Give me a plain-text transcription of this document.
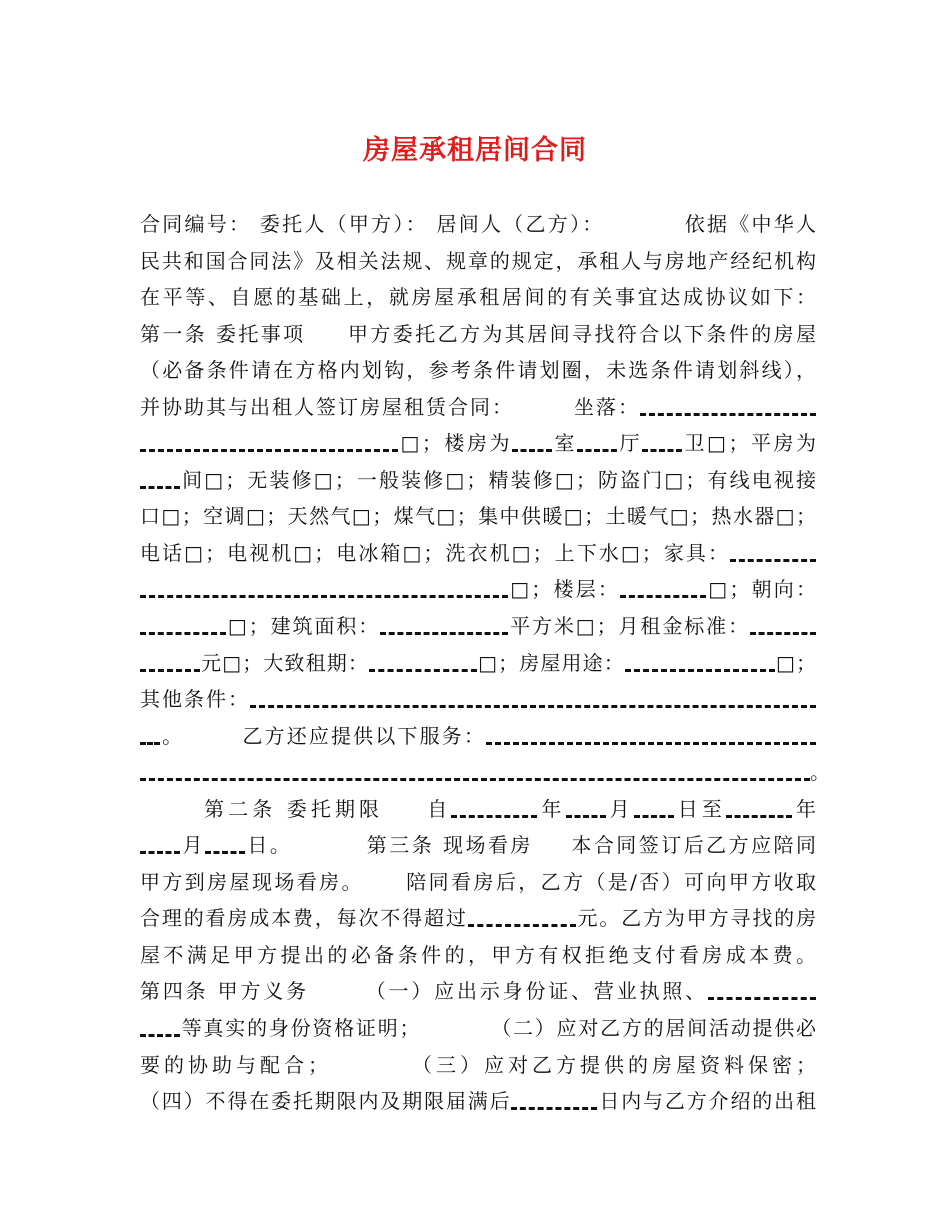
房屋承租居间合同
合同编号： 委托人（甲方）： 居间人（乙方）：	依据《中华人
民共和国合同法》及相关法规、规章的规定，承租人与房地产经纪机构
在平等、自愿的基础上，就房屋承租居间的有关事宜达成协议如下：
第一条 委托事项 甲方委托乙方为其居间寻找符合以下条件的房屋
（必备条件请在方格内划钩，参考条件请划圈，未选条件请划斜线），
并协助其与出租人签订房屋租赁合同：	坐落：
□；楼房为 室 厅 卫□；平房为
间□；无装修□；一般装修□；精装修□；防盗门□；有线电视接
口□；空调□；天然气□；煤气□；集中供暖□；土暖气□；热水器□；
电话□；电视机□；电冰箱□；洗衣机□；上下水□；家具：
□；楼层：	□；朝向：
□；建筑面积：	平方米□；月租金标准：
元□；大致租期：	□；房屋用途：	□；
其他条件：
。	乙方还应提供以下服务：
。
第二条 委托期限 自	年 月 日至	年
月 日。	第三条 现场看房 本合同签订后乙方应陪同
甲方到房屋现场看房。 陪同看房后，乙方（是/否）可向甲方收取
合理的看房成本费，每次不得超过	元。乙方为甲方寻找的房
屋不满足甲方提出的必备条件的，甲方有权拒绝支付看房成本费。
第四条 甲方义务	（一）应出示身份证、营业执照、
等真实的身份资格证明；	（二）应对乙方的居间活动提供必
要的协助与配合；	（三）应对乙方提供的房屋资料保密；
（四）不得在委托期限内及期限届满后	日内与乙方介绍的出租
